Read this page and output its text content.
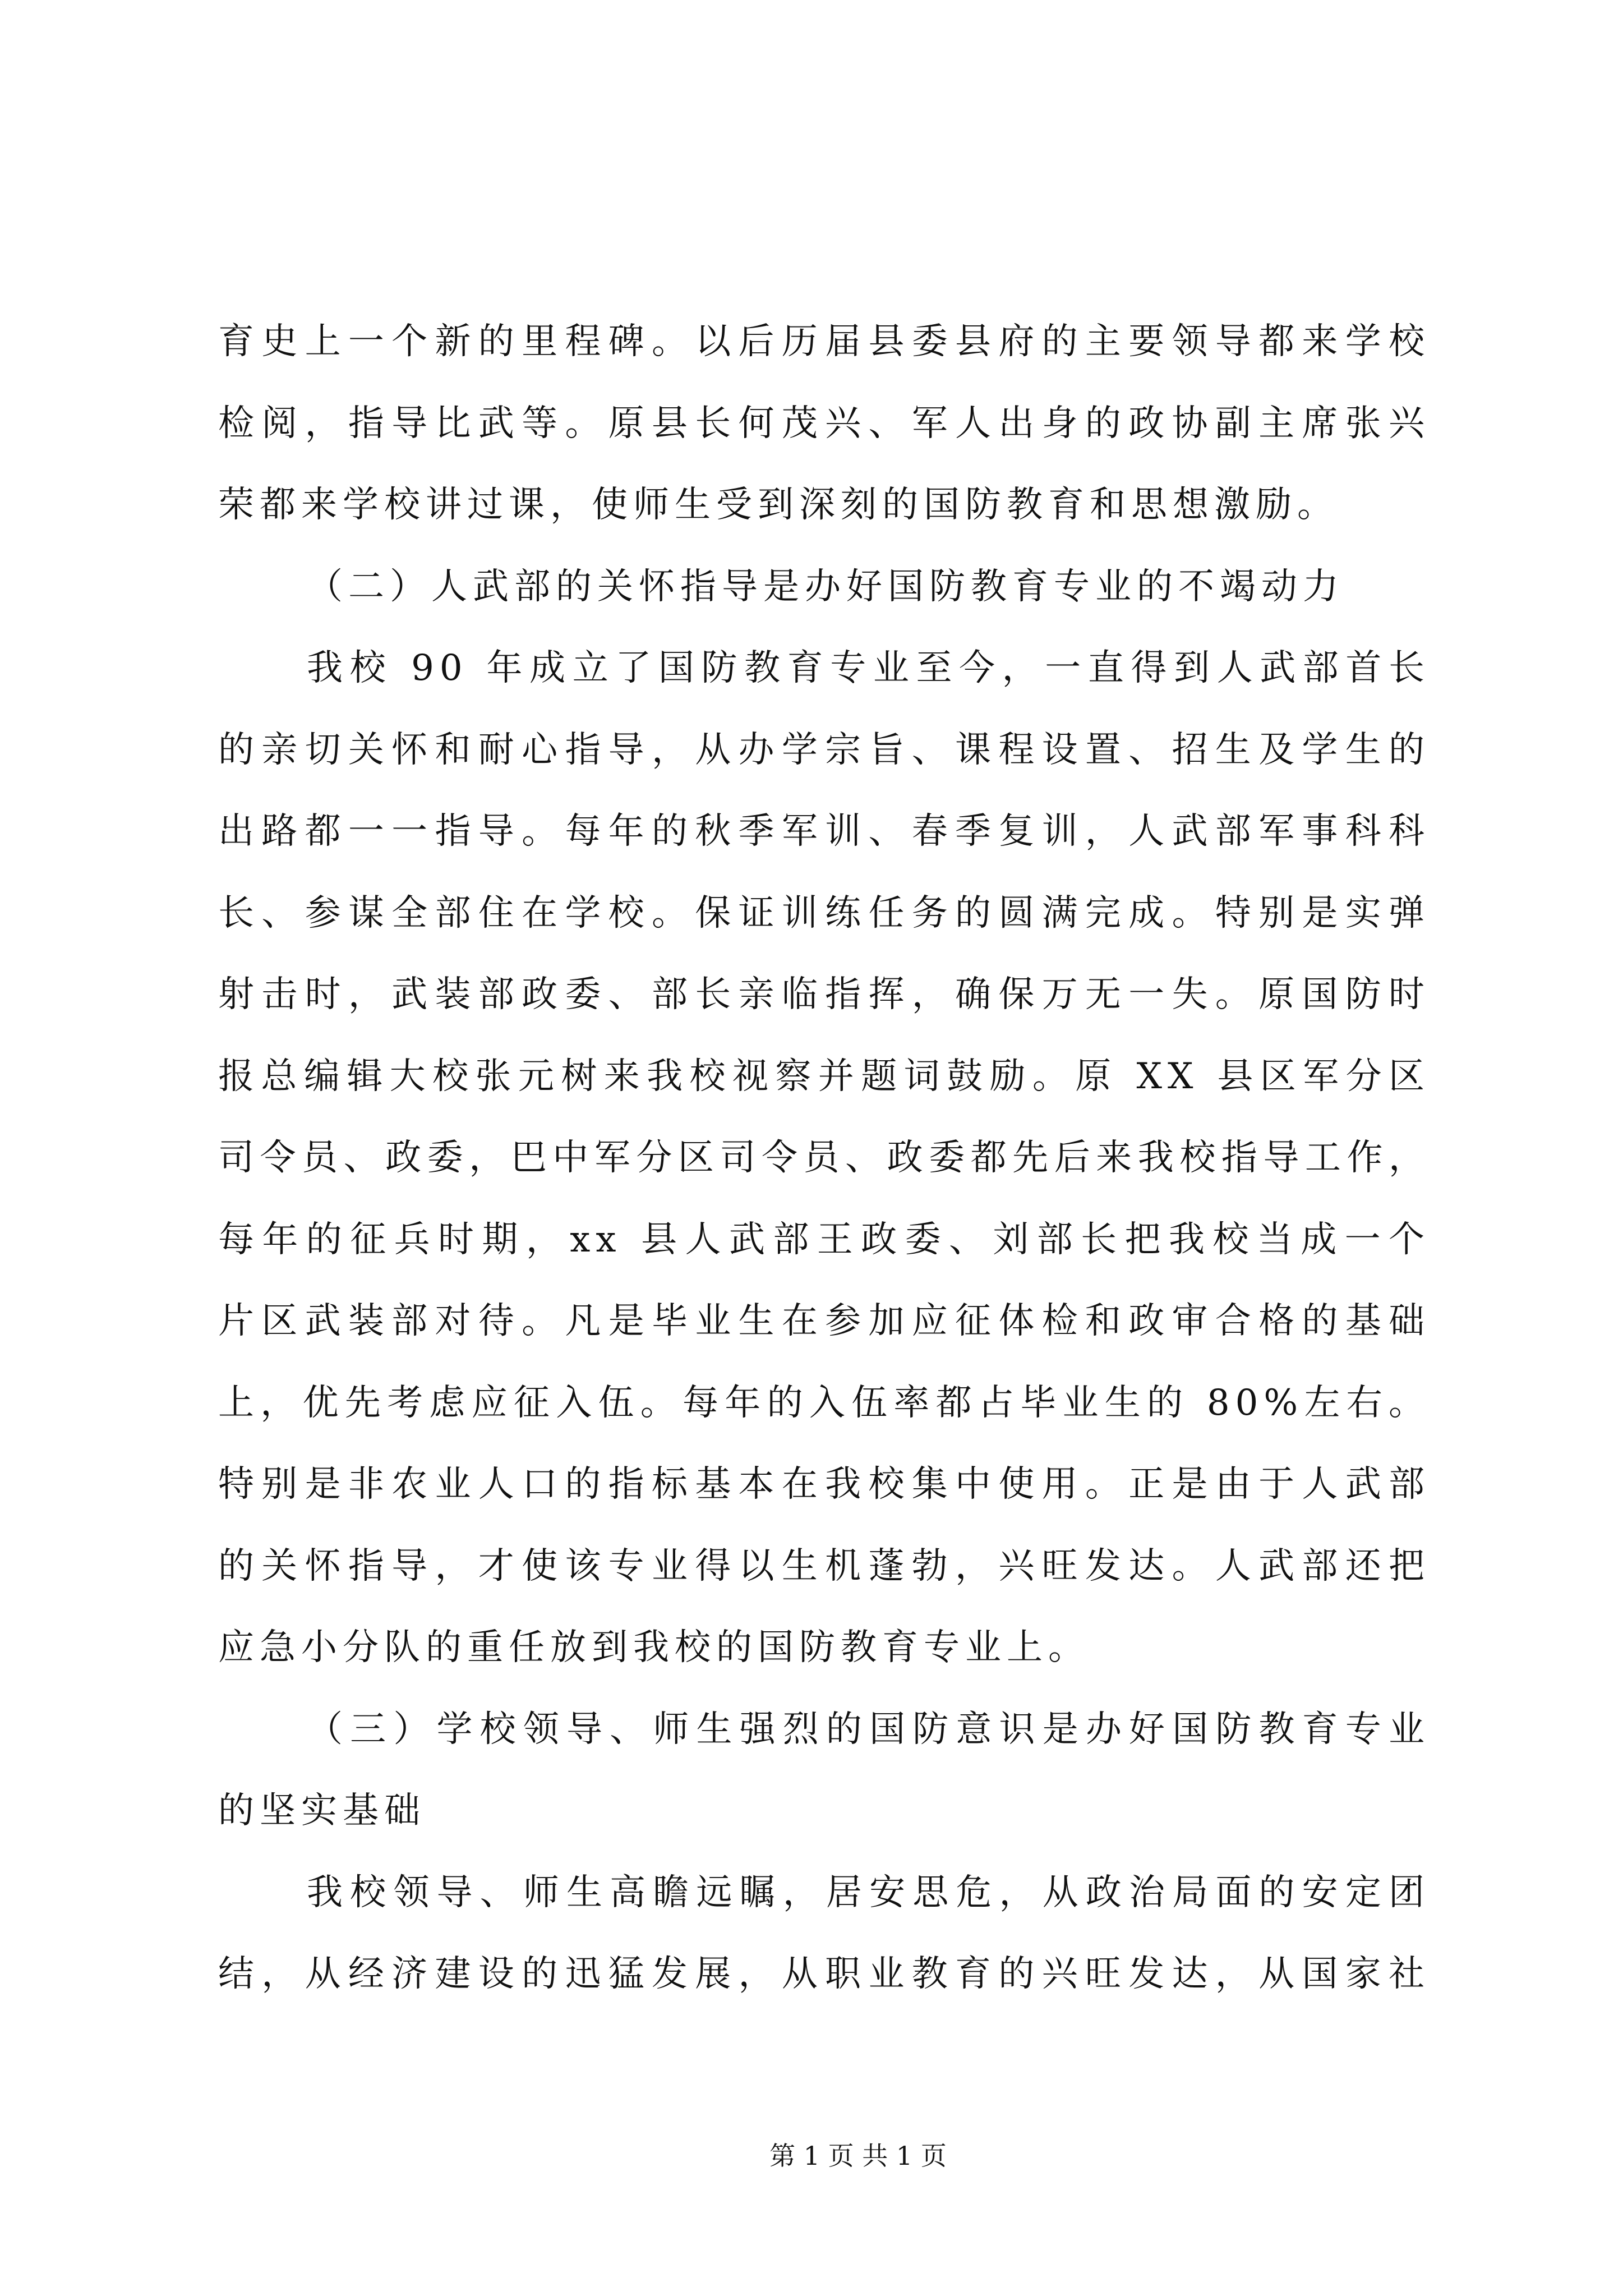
育史上一个新的里程碑。以后历届县委县府的主要领导都来学校
检阅，指导比武等。原县长何茂兴、军人出身的政协副主席张兴
荣都来学校讲过课，使师生受到深刻的国防教育和思想激励。
（二）人武部的关怀指导是办好国防教育专业的不竭动力
我校 90 年成立了国防教育专业至今，一直得到人武部首长
的亲切关怀和耐心指导，从办学宗旨、课程设置、招生及学生的
出路都一一指导。每年的秋季军训、春季复训，人武部军事科科
长、参谋全部住在学校。保证训练任务的圆满完成。特别是实弹
射击时，武装部政委、部长亲临指挥，确保万无一失。原国防时
报总编辑大校张元树来我校视察并题词鼓励。原 XX 县区军分区
司令员、政委，巴中军分区司令员、政委都先后来我校指导工作，
每年的征兵时期，xx 县人武部王政委、刘部长把我校当成一个
片区武装部对待。凡是毕业生在参加应征体检和政审合格的基础
上，优先考虑应征入伍。每年的入伍率都占毕业生的 80%左右。
特别是非农业人口的指标基本在我校集中使用。正是由于人武部
的关怀指导，才使该专业得以生机蓬勃，兴旺发达。人武部还把
应急小分队的重任放到我校的国防教育专业上。
（三）学校领导、师生强烈的国防意识是办好国防教育专业
的坚实基础
我校领导、师生高瞻远瞩，居安思危，从政治局面的安定团
结，从经济建设的迅猛发展，从职业教育的兴旺发达，从国家社
第 1 页 共 1 页
